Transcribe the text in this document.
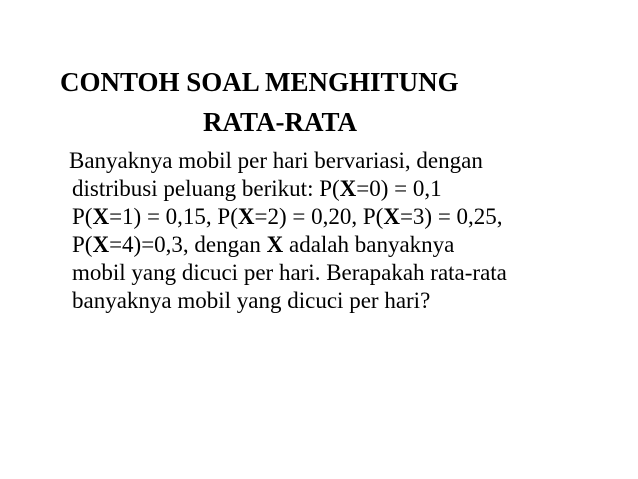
CONTOH SOAL MENGHITUNG
RATA-RATA
Banyaknya mobil per hari bervariasi, dengan
distribusi peluang berikut: P(X=0) = 0,1
P(X=1) = 0,15, P(X=2) = 0,20, P(X=3) = 0,25,
P(X=4)=0,3, dengan X adalah banyaknya
mobil yang dicuci per hari. Berapakah rata-rata
banyaknya mobil yang dicuci per hari?
